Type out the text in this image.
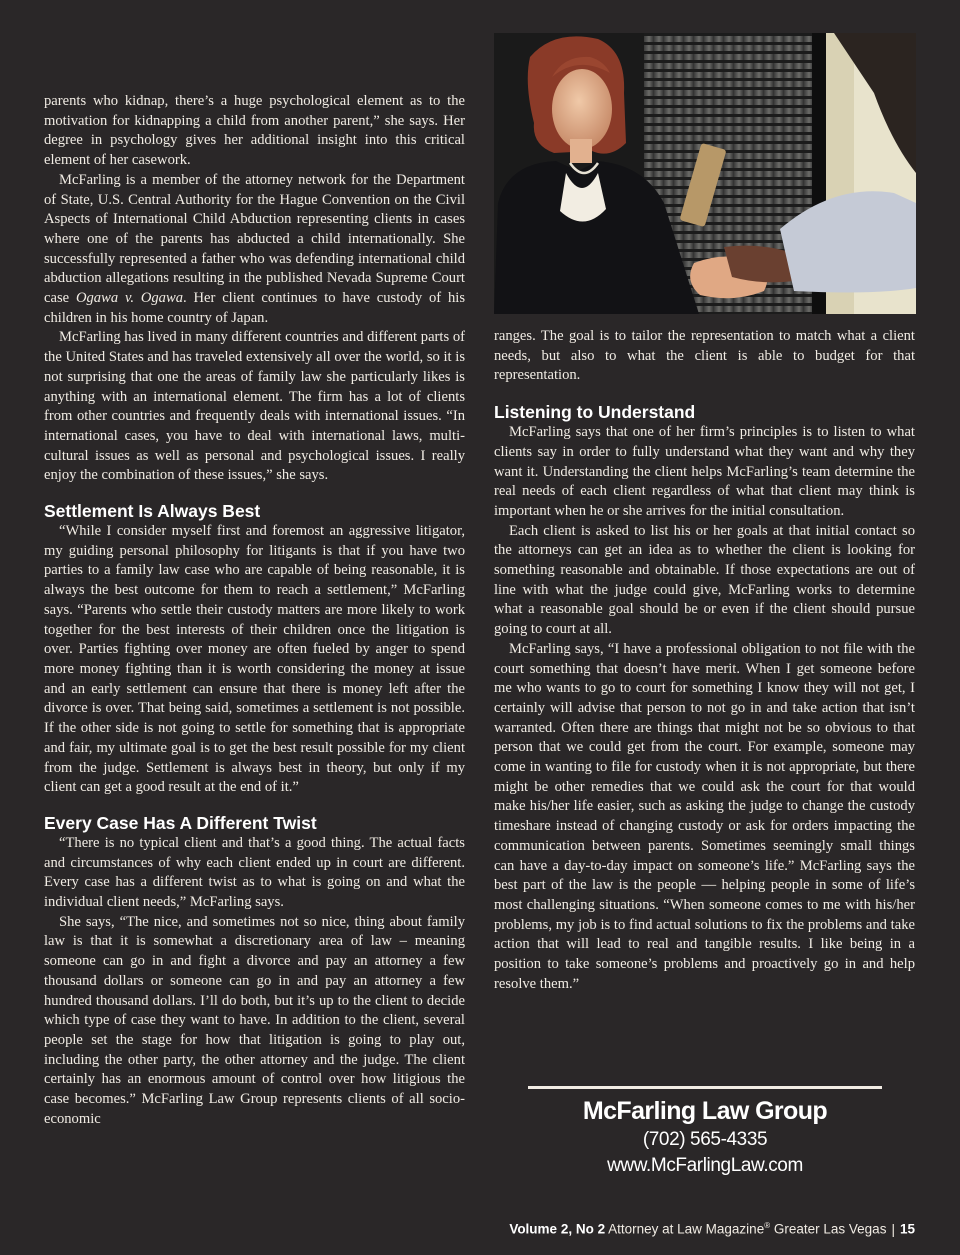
parents who kidnap, there’s a huge psychological element as to the motivation for kidnapping a child from another parent,” she says. Her degree in psychology gives her additional insight into this critical element of her casework.

McFarling is a member of the attorney network for the Department of State, U.S. Central Authority for the Hague Convention on the Civil Aspects of International Child Abduction representing clients in cases where one of the parents has abducted a child internationally. She successfully represented a father who was defending international child abduction allegations resulting in the published Nevada Supreme Court case Ogawa v. Ogawa. Her client continues to have custody of his children in his home country of Japan.

McFarling has lived in many different countries and different parts of the United States and has traveled extensively all over the world, so it is not surprising that one the areas of family law she particularly likes is anything with an international element. The firm has a lot of clients from other countries and frequently deals with international issues. “In international cases, you have to deal with international laws, multi-cultural issues as well as personal and psychological issues. I really enjoy the combination of these issues,” she says.

Settlement Is Always Best

“While I consider myself first and foremost an aggressive litigator, my guiding personal philosophy for litigants is that if you have two parties to a family law case who are capable of being reasonable, it is always the best outcome for them to reach a settlement,” McFarling says. “Parents who settle their custody matters are more likely to work together for the best interests of their children once the litigation is over. Parties fighting over money are often fueled by anger to spend more money fighting than it is worth considering the money at issue and an early settlement can ensure that there is money left after the divorce is over. That being said, sometimes a settlement is not possible. If the other side is not going to settle for something that is appropriate and fair, my ultimate goal is to get the best result possible for my client from the judge. Settlement is always best in theory, but only if my client can get a good result at the end of it.”

Every Case Has A Different Twist

“There is no typical client and that’s a good thing. The actual facts and circumstances of why each client ended up in court are different. Every case has a different twist as to what is going on and what the individual client needs,” McFarling says.

She says, “The nice, and sometimes not so nice, thing about family law is that it is somewhat a discretionary area of law – meaning someone can go in and fight a divorce and pay an attorney a few thousand dollars or someone can go in and pay an attorney a few hundred thousand dollars. I’ll do both, but it’s up to the client to decide which type of case they want to have. In addition to the client, several people set the stage for how that litigation is going to play out, including the other party, the other attorney and the judge. The client certainly has an enormous amount of control over how litigious the case becomes.” McFarling Law Group represents clients of all socio-economic

ranges. The goal is to tailor the representation to match what a client needs, but also to what the client is able to budget for that representation.

Listening to Understand

McFarling says that one of her firm’s principles is to listen to what clients say in order to fully understand what they want and why they want it. Understanding the client helps McFarling’s team determine the real needs of each client regardless of what that client may think is important when he or she arrives for the initial consultation.

Each client is asked to list his or her goals at that initial contact so the attorneys can get an idea as to whether the client is looking for something reasonable and obtainable. If those expectations are out of line with what the judge could give, McFarling works to determine what a reasonable goal should be or even if the client should pursue going to court at all.

McFarling says, “I have a professional obligation to not file with the court something that doesn’t have merit. When I get someone before me who wants to go to court for something I know they will not get, I certainly will advise that person to not go in and take action that isn’t warranted. Often there are things that might not be so obvious to that person that we could get from the court. For example, someone may come in wanting to file for custody when it is not appropriate, but there might be other remedies that we could ask the court for that would make his/her life easier, such as asking the judge to change the custody timeshare instead of changing custody or ask for orders impacting the communication between parents. Sometimes seemingly small things can have a day-to-day impact on someone’s life.” McFarling says the best part of the law is the people — helping people in some of life’s most challenging situations. “When someone comes to me with his/her problems, my job is to find actual solutions to fix the problems and take action that will lead to real and tangible results. I like being in a position to take someone’s problems and proactively go in and help resolve them.”

McFarling Law Group
(702) 565-4335
www.McFarlingLaw.com
Volume 2, No 2 Attorney at Law Magazine® Greater Las Vegas | 15
